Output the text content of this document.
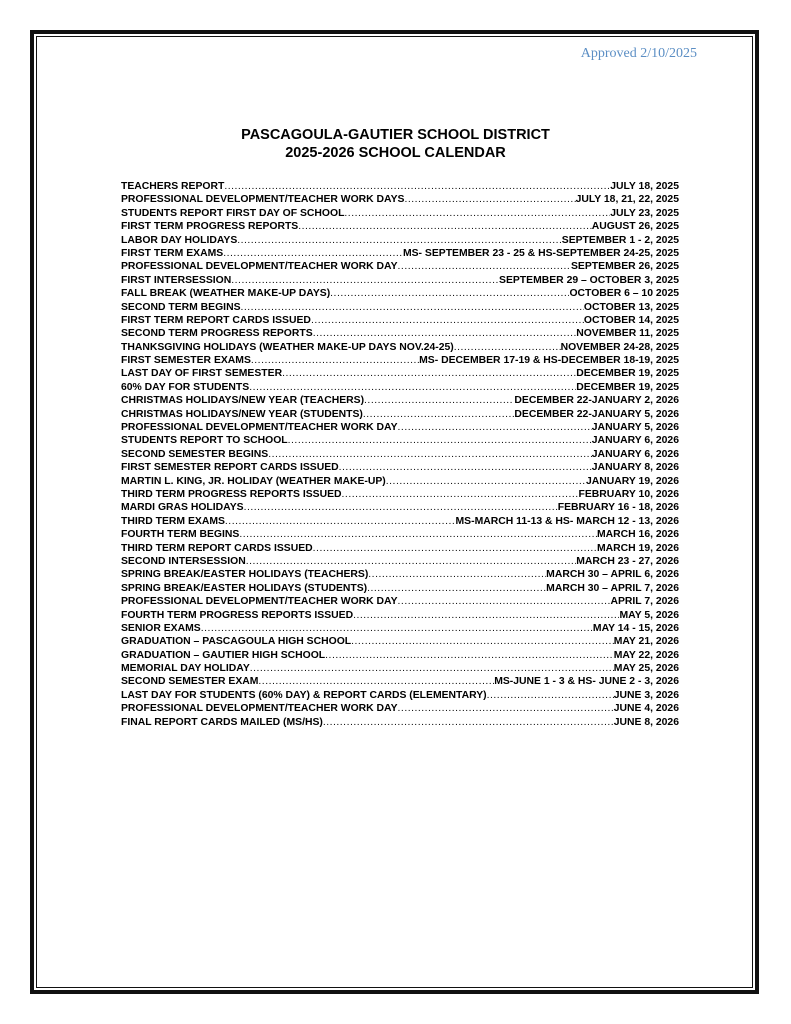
Approved 2/10/2025
PASCAGOULA-GAUTIER SCHOOL DISTRICT
2025-2026 SCHOOL CALENDAR
TEACHERS REPORT .....	JULY 18, 2025
PROFESSIONAL DEVELOPMENT/TEACHER WORK DAYS .....	JULY 18, 21, 22, 2025
STUDENTS REPORT FIRST DAY OF SCHOOL .....	JULY 23, 2025
FIRST TERM PROGRESS REPORTS .....	AUGUST 26, 2025
LABOR DAY HOLIDAYS .....	SEPTEMBER 1 - 2, 2025
FIRST TERM EXAMS .....	MS- SEPTEMBER 23 - 25 & HS-SEPTEMBER 24-25, 2025
PROFESSIONAL DEVELOPMENT/TEACHER WORK DAY .....	SEPTEMBER 26, 2025
FIRST INTERSESSION .....	SEPTEMBER 29 – OCTOBER 3, 2025
FALL BREAK (WEATHER MAKE-UP DAYS) .....	OCTOBER 6 – 10 2025
SECOND TERM BEGINS .....	OCTOBER 13, 2025
FIRST TERM REPORT CARDS ISSUED .....	OCTOBER 14, 2025
SECOND TERM PROGRESS REPORTS .....	NOVEMBER 11, 2025
THANKSGIVING HOLIDAYS (WEATHER MAKE-UP DAYS NOV.24-25) .....	NOVEMBER 24-28, 2025
FIRST SEMESTER EXAMS .....	MS- DECEMBER 17-19 & HS-DECEMBER 18-19, 2025
LAST DAY OF FIRST SEMESTER .....	DECEMBER 19, 2025
60% DAY FOR STUDENTS .....	DECEMBER 19, 2025
CHRISTMAS HOLIDAYS/NEW YEAR (TEACHERS) .....	DECEMBER 22-JANUARY 2, 2026
CHRISTMAS HOLIDAYS/NEW YEAR (STUDENTS) .....	DECEMBER 22-JANUARY 5, 2026
PROFESSIONAL DEVELOPMENT/TEACHER WORK DAY .....	JANUARY 5, 2026
STUDENTS REPORT TO SCHOOL .....	JANUARY 6, 2026
SECOND SEMESTER BEGINS .....	JANUARY 6, 2026
FIRST SEMESTER REPORT CARDS ISSUED .....	JANUARY 8, 2026
MARTIN L. KING, JR. HOLIDAY (WEATHER MAKE-UP) .....	JANUARY 19, 2026
THIRD TERM PROGRESS REPORTS ISSUED .....	FEBRUARY 10, 2026
MARDI GRAS HOLIDAYS .....	FEBRUARY 16 - 18, 2026
THIRD TERM EXAMS .....	MS-MARCH 11-13 & HS- MARCH 12 - 13, 2026
FOURTH TERM BEGINS .....	MARCH 16, 2026
THIRD TERM REPORT CARDS ISSUED .....	MARCH 19, 2026
SECOND INTERSESSION .....	MARCH 23 - 27, 2026
SPRING BREAK/EASTER HOLIDAYS (TEACHERS) .....	MARCH 30 – APRIL 6, 2026
SPRING BREAK/EASTER HOLIDAYS (STUDENTS) .....	MARCH 30 – APRIL 7, 2026
PROFESSIONAL DEVELOPMENT/TEACHER WORK DAY .....	APRIL 7, 2026
FOURTH TERM PROGRESS REPORTS ISSUED .....	MAY 5, 2026
SENIOR EXAMS .....	MAY 14 - 15, 2026
GRADUATION – PASCAGOULA HIGH SCHOOL .....	MAY 21, 2026
GRADUATION – GAUTIER HIGH SCHOOL .....	MAY 22, 2026
MEMORIAL DAY HOLIDAY .....	MAY 25, 2026
SECOND SEMESTER EXAM .....	MS-JUNE 1 - 3 & HS- JUNE 2 - 3, 2026
LAST DAY FOR STUDENTS (60% DAY) & REPORT CARDS (ELEMENTARY) .....	JUNE 3, 2026
PROFESSIONAL DEVELOPMENT/TEACHER WORK DAY .....	JUNE 4, 2026
FINAL REPORT CARDS MAILED (MS/HS) .....	JUNE 8, 2026
